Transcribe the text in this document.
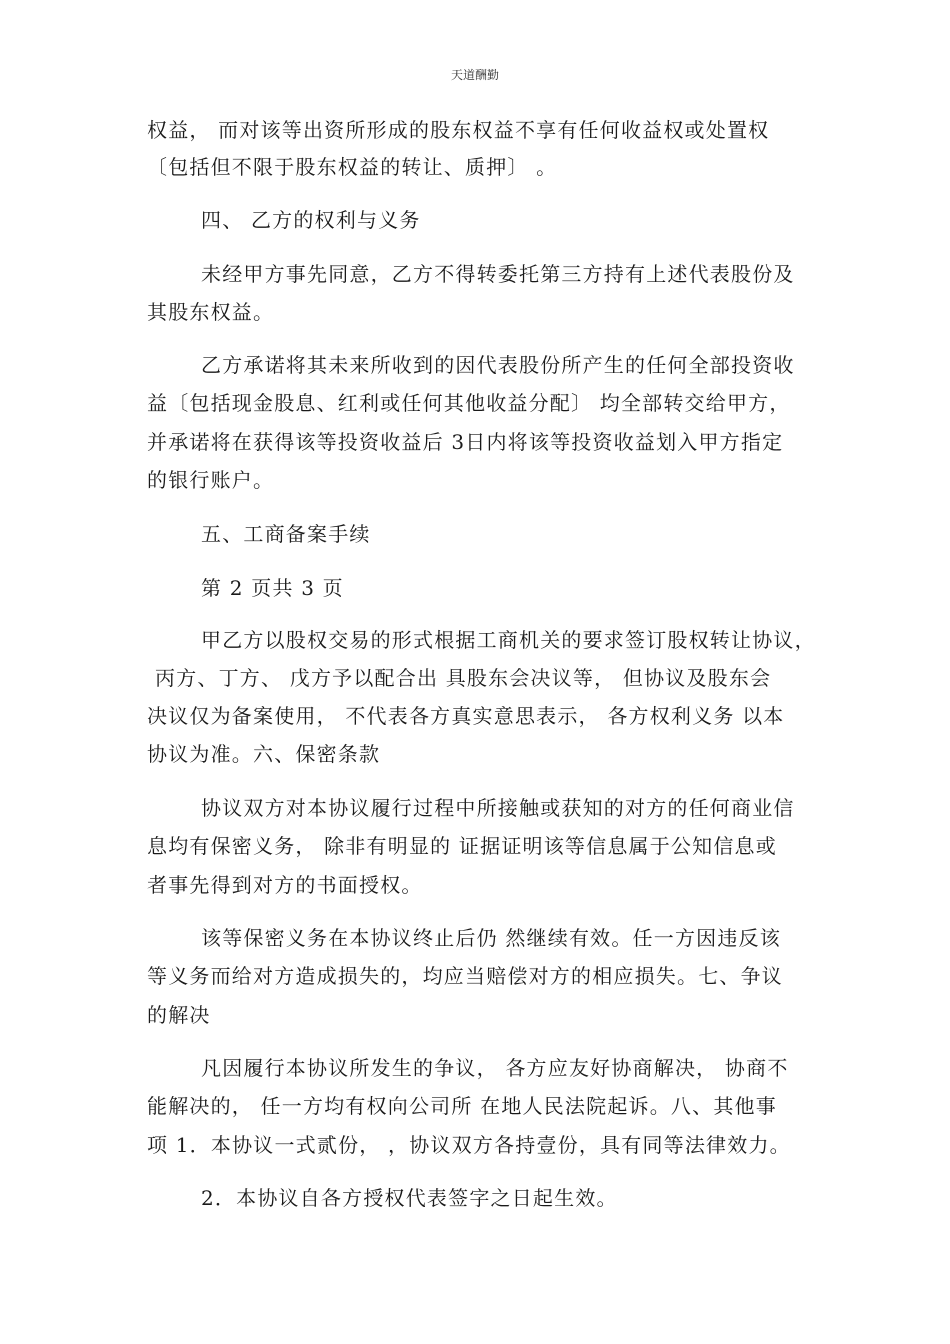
天道酬勤
权益， 而对该等出资所形成的股东权益不享有任何收益权或处置权
〔包括但不限于股东权益的转让、质押〕 。
四、 乙方的权利与义务
未经甲方事先同意，乙方不得转委托第三方持有上述代表股份及
其股东权益。
乙方承诺将其未来所收到的因代表股份所产生的任何全部投资收
益〔包括现金股息、红利或任何其他收益分配〕 均全部转交给甲方，
并承诺将在获得该等投资收益后 3日内将该等投资收益划入甲方指定
的银行账户。
五、工商备案手续
第 2 页共 3 页
甲乙方以股权交易的形式根据工商机关的要求签订股权转让协议，
丙方、丁方、 戊方予以配合出 具股东会决议等， 但协议及股东会
决议仅为备案使用， 不代表各方真实意思表示， 各方权利义务 以本
协议为准。六、保密条款
协议双方对本协议履行过程中所接触或获知的对方的任何商业信
息均有保密义务， 除非有明显的 证据证明该等信息属于公知信息或
者事先得到对方的书面授权。
该等保密义务在本协议终止后仍 然继续有效。任一方因违反该
等义务而给对方造成损失的，均应当赔偿对方的相应损失。七、争议
的解决
凡因履行本协议所发生的争议， 各方应友好协商解决， 协商不
能解决的， 任一方均有权向公司所 在地人民法院起诉。八、其他事
项 1．本协议一式贰份， ，协议双方各持壹份，具有同等法律效力。
2．本协议自各方授权代表签字之日起生效。
